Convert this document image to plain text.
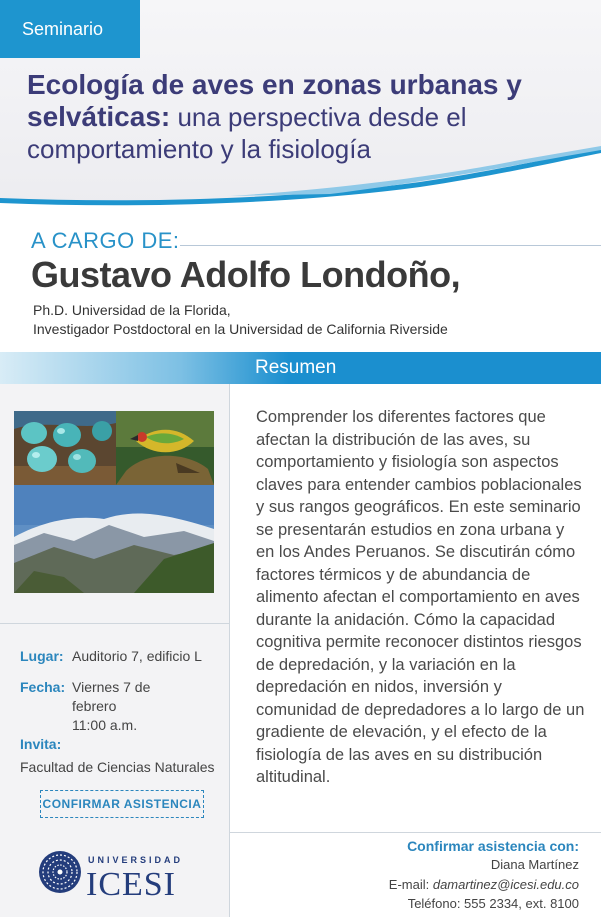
Seminario
Ecología de aves en zonas urbanas y selváticas: una perspectiva desde el comportamiento y la fisiología
A CARGO DE:
Gustavo Adolfo Londoño,
Ph.D. Universidad de la Florida,
Investigador Postdoctoral en la Universidad de California Riverside
Resumen
Lugar: Auditorio 7, edificio L
Fecha: Viernes 7 de
febrero
11:00 a.m.
Invita:
Facultad de Ciencias Naturales
CONFIRMAR ASISTENCIA
UNIVERSIDAD
ICESI

Comprender los diferentes factores que afectan la distribución de las aves, su comportamiento y fisiología son aspectos claves para entender cambios poblacionales y sus rangos geográficos. En este seminario se presentarán estudios en zona urbana y en los Andes Peruanos. Se discutirán cómo factores térmicos y de abundancia de alimento afectan el comportamiento en aves durante la anidación. Cómo la capacidad cognitiva permite reconocer distintos riesgos de depredación, y la variación en la depredación en nidos, inversión y comunidad de depredadores a lo largo de un gradiente de elevación, y el efecto de la fisiología de las aves en su distribución altitudinal.

Confirmar asistencia con:
Diana Martínez
E-mail: damartinez@icesi.edu.co
Teléfono: 555 2334, ext. 8100
